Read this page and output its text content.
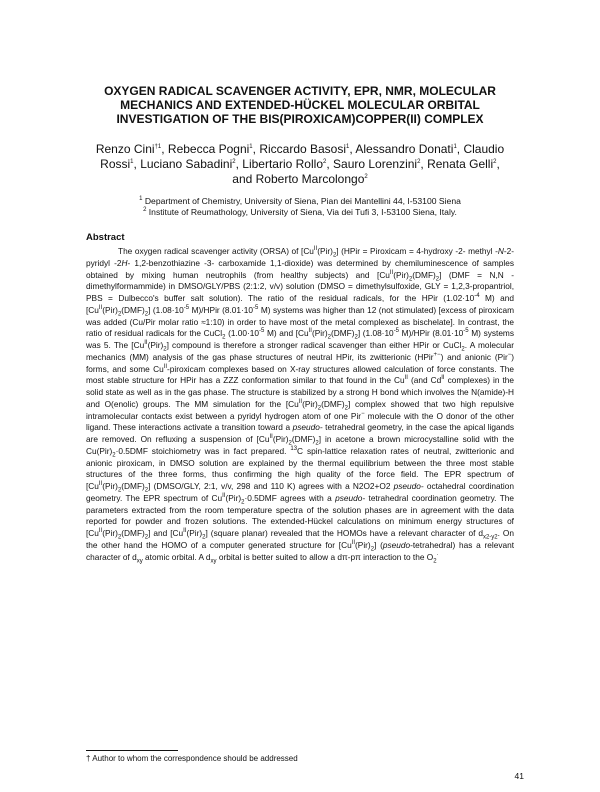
OXYGEN RADICAL SCAVENGER ACTIVITY, EPR, NMR, MOLECULAR
MECHANICS AND EXTENDED-HÜCKEL MOLECULAR ORBITAL
INVESTIGATION OF THE BIS(PIROXICAM)COPPER(II) COMPLEX
Renzo Cini$^{\dagger 1}$, Rebecca Pogni$^1$, Riccardo Basosi$^1$, Alessandro Donati$^1$, Claudio Rossi$^1$, Luciano Sabadini$^2$, Libertario Rollo$^2$, Sauro Lorenzini$^2$, Renata Gelli$^2$, and Roberto Marcolongo$^2$
$^1$ Department of Chemistry, University of Siena, Pian dei Mantellini 44, I-53100 Siena
$^2$ Institute of Reumathology, University of Siena, Via dei Tufi 3, I-53100 Siena, Italy.
Abstract
The oxygen radical scavenger activity (ORSA) of $[Cu^{II}(Pir)_2]$ (HPir = Piroxicam = 4-hydroxy -2- methyl -N-2- pyridyl -2H- 1,2-benzothiazine -3- carboxamide 1,1-dioxide) was determined by chemiluminescence of samples obtained by mixing human neutrophils (from healthy subjects) and $[Cu^{II}(Pir)_2(DMF)_2] (DMF = N,N$ -dimethylformammide) in DMSO/GLY/PBS (2:1:2, v/v) solution (DMSO = dimethylsulfoxide, GLY = 1,2,3-propantriol, PBS = Dulbecco's buffer salt solution). The ratio of the residual radicals, for the HPir ($1.02\cdot 10^{-4}$ M) and $[Cu^{II}(Pir)_2(DMF)_2]$ ($1.08\cdot 10^{-5}$ M)/HPir ($8.01\cdot 10^{-5}$ M) systems was higher than 12 (not stimulated) [excess of piroxicam was added (Cu/Pir molar ratio ≈1:10) in order to have most of the metal complexed as bischelate]. In contrast, the ratio of residual radicals for the CuCl$_2$ ($1.00\cdot 10^{-5}$ M) and $[Cu^{II}(Pir)_2(DMF)_2]$ ($1.08\cdot 10^{-5}$ M)/HPir ($8.01\cdot 10^{-5}$ M) systems was 5. The $[Cu^{II}(Pir)_2]$ compound is therefore a stronger radical scavenger than either HPir or CuCl$_2$. A molecular mechanics (MM) analysis of the gas phase structures of neutral HPir, its zwitterionic (HPir+−) and anionic (Pir−) forms, and some $Cu^{II}$-piroxicam complexes based on X-ray structures allowed calculation of force constants. The most stable structure for HPir has a ZZZ conformation similar to that found in the $Cu^{II}$ (and $Cd^{II}$ complexes) in the solid state as well as in the gas phase. The structure is stabilized by a strong H bond which involves the N(amide)-H and O(enolic) groups. The MM simulation for the $[Cu^{II}(Pir)_2(DMF)_2]$ complex showed that two high repulsive intramolecular contacts exist between a pyridyl hydrogen atom of one Pir− molecule with the O donor of the other ligand. These interactions activate a transition toward a pseudo- tetrahedral geometry, in the case the apical ligands are removed. On refluxing a suspension of $[Cu^{II}(Pir)_2(DMF)_2]$ in acetone a brown microcystalline solid with the $Cu(Pir)_2\cdot 0.5DMF$ stoichiometry was in fact prepared. $^{13}$C spin-lattice relaxation rates of neutral, zwitterionic and anionic piroxicam, in DMSO solution are explained by the thermal equilibrium between the three most stable structures of the three forms, thus confirming the high quality of the force field. The EPR spectrum of $[Cu^{II}(Pir)_2(DMF)_2]$ (DMSO/GLY, 2:1, v/v, 298 and 110 K) agrees with a N2O2+O2 pseudo- octahedral coordination geometry. The EPR spectrum of $Cu^{II}(Pir)_2\cdot 0.5DMF$ agrees with a pseudo- tetrahedral coordination geometry. The parameters extracted from the room temperature spectra of the solution phases are in agreement with the data reported for powder and frozen solutions. The extended-Hückel calculations on minimum energy structures of $[Cu^{II}(Pir)_2(DMF)_2]$ and $[Cu^{II}(Pir)_2]$ (square planar) revealed that the HOMOs have a relevant character of $d_{x2-y2}$. On the other hand the HOMO of a computer generated structure for $[Cu^{II}(Pir)_2]$ (pseudo-tetrahedral) has a relevant character of $d_{xy}$ atomic orbital. A $d_{xy}$ orbital is better suited to allow a dπ-pπ interaction to the $O_2^\cdot$
† Author to whom the correspondence should be addressed
41
